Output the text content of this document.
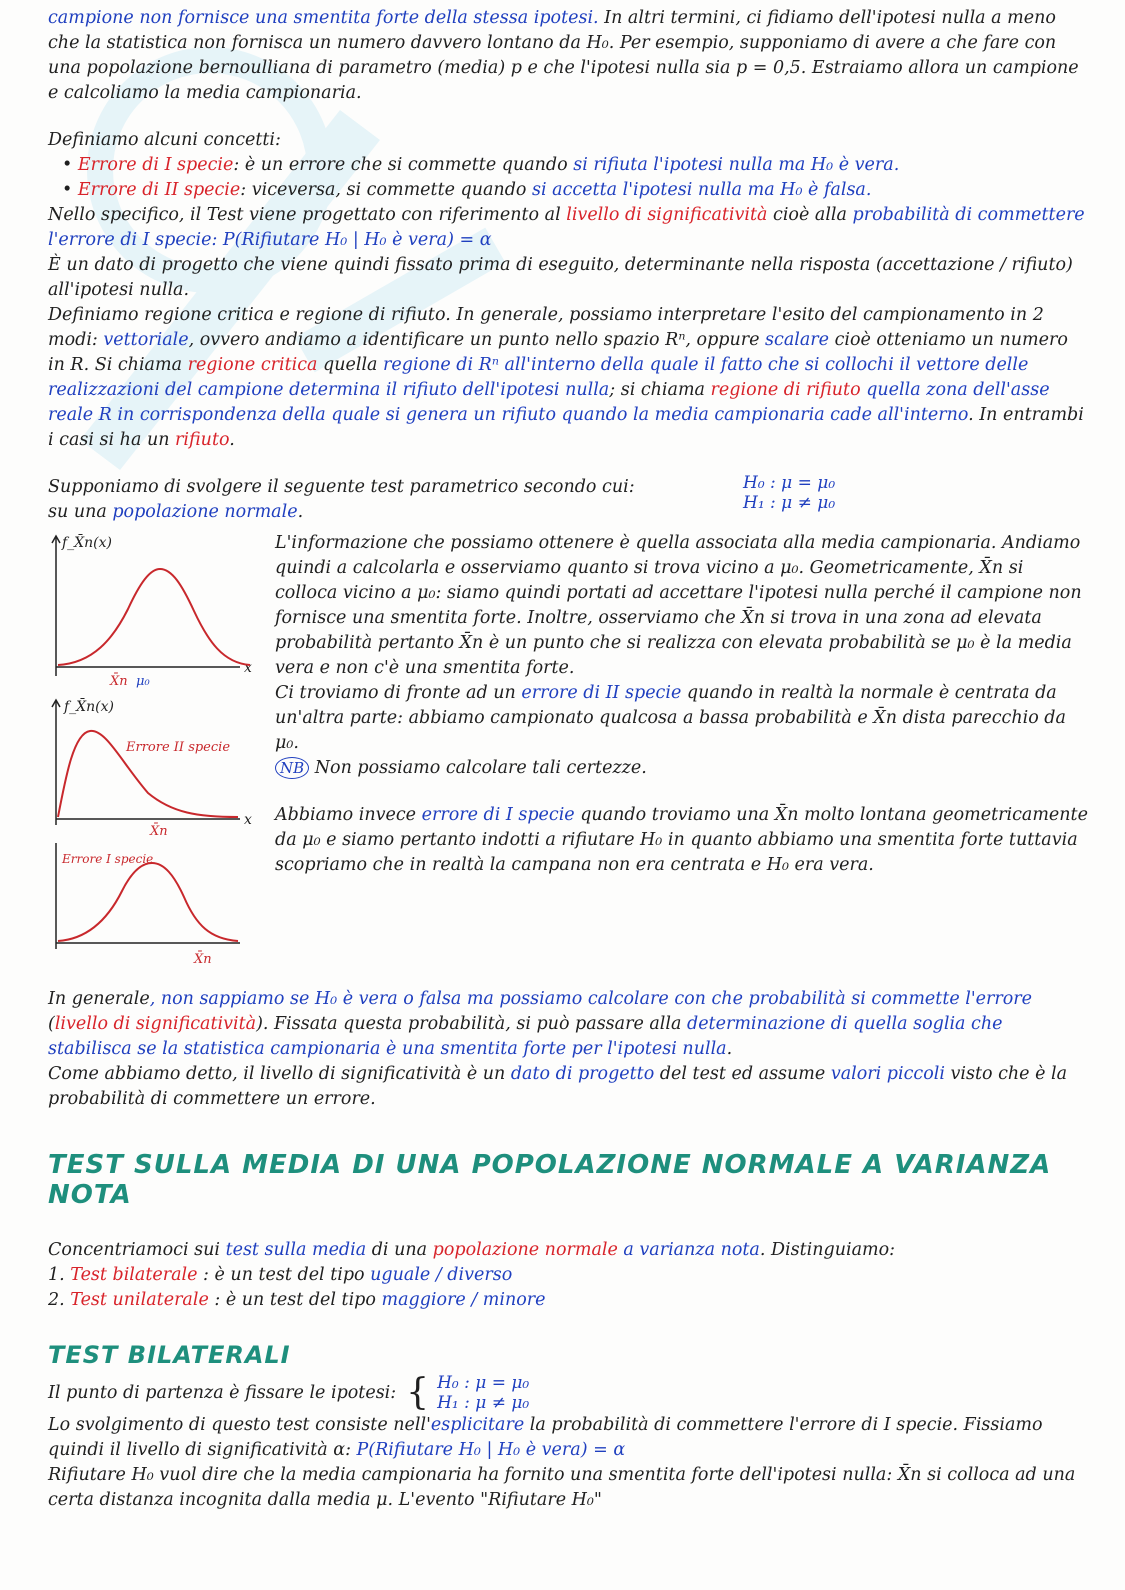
campione non fornisce una smentita forte della stessa ipotesi. In altri termini, ci fidiamo dell'ipotesi nulla a meno che la statistica non fornisca un numero davvero lontano da H₀. Per esempio, supponiamo di avere a che fare con una popolazione bernoulliana di parametro (media) p e che l'ipotesi nulla sia p = 0,5. Estraiamo allora un campione e calcoliamo la media campionaria.

Definiamo alcuni concetti:

• Errore di I specie: è un errore che si commette quando si rifiuta l'ipotesi nulla ma H₀ è vera.
• Errore di II specie: viceversa, si commette quando si accetta l'ipotesi nulla ma H₀ è falsa.

Nello specifico, il Test viene progettato con riferimento al livello di significatività cioè alla probabilità di commettere l'errore di I specie: P(Rifiutare H₀ | H₀ è vera) = α
È un dato di progetto che viene quindi fissato prima di eseguito, determinante nella risposta (accettazione / rifiuto) all'ipotesi nulla.

Definiamo regione critica e regione di rifiuto. In generale, possiamo interpretare l'esito del campionamento in 2 modi: vettoriale, ovvero andiamo a identificare un punto nello spazio Rⁿ, oppure scalare cioè otteniamo un numero in R. Si chiama regione critica quella regione di Rⁿ all'interno della quale il fatto che si collochi il vettore delle realizzazioni del campione determina il rifiuto dell'ipotesi nulla; si chiama regione di rifiuto quella zona dell'asse reale R in corrispondenza della quale si genera un rifiuto quando la media campionaria cade all'interno. In entrambi i casi si ha un rifiuto.

Supponiamo di svolgere il seguente test parametrico secondo cui:
su una popolazione normale.

H₀ : μ = μ₀
H₁ : μ ≠ μ₀
f_X̄n(x)
x
X̄n μ₀

f_X̄n(x)
x
Errore II specie
X̄n

Errore I specie
X̄n

L'informazione che possiamo ottenere è quella associata alla media campionaria. Andiamo quindi a calcolarla e osserviamo quanto si trova vicino a μ₀. Geometricamente, X̄n si colloca vicino a μ₀: siamo quindi portati ad accettare l'ipotesi nulla perché il campione non fornisce una smentita forte. Inoltre, osserviamo che X̄n si trova in una zona ad elevata probabilità pertanto X̄n è un punto che si realizza con elevata probabilità se μ₀ è la media vera e non c'è una smentita forte.

Ci troviamo di fronte ad un errore di II specie quando in realtà la normale è centrata da un'altra parte: abbiamo campionato qualcosa a bassa probabilità e X̄n dista parecchio da μ₀.

NB Non possiamo calcolare tali certezze.

Abbiamo invece errore di I specie quando troviamo una X̄n molto lontana geometricamente da μ₀ e siamo pertanto indotti a rifiutare H₀ in quanto abbiamo una smentita forte tuttavia scopriamo che in realtà la campana non era centrata e H₀ era vera.

In generale, non sappiamo se H₀ è vera o falsa ma possiamo calcolare con che probabilità si commette l'errore (livello di significatività). Fissata questa probabilità, si può passare alla determinazione di quella soglia che stabilisca se la statistica campionaria è una smentita forte per l'ipotesi nulla.
Come abbiamo detto, il livello di significatività è un dato di progetto del test ed assume valori piccoli visto che è la probabilità di commettere un errore.

TEST SULLA MEDIA DI UNA POPOLAZIONE NORMALE A VARIANZA NOTA

Concentriamoci sui test sulla media di una popolazione normale a varianza nota. Distinguiamo:

1. Test bilaterale : è un test del tipo uguale / diverso
2. Test unilaterale : è un test del tipo maggiore / minore

TEST BILATERALI
Il punto di partenza è fissare le ipotesi: { H₀ : μ = μ₀
H₁ : μ ≠ μ₀

Lo svolgimento di questo test consiste nell'esplicitare la probabilità di commettere l'errore di I specie. Fissiamo quindi il livello di significatività α: P(Rifiutare H₀ | H₀ è vera) = α
Rifiutare H₀ vuol dire che la media campionaria ha fornito una smentita forte dell'ipotesi nulla: X̄n si colloca ad una certa distanza incognita dalla media μ. L'evento "Rifiutare H₀"
